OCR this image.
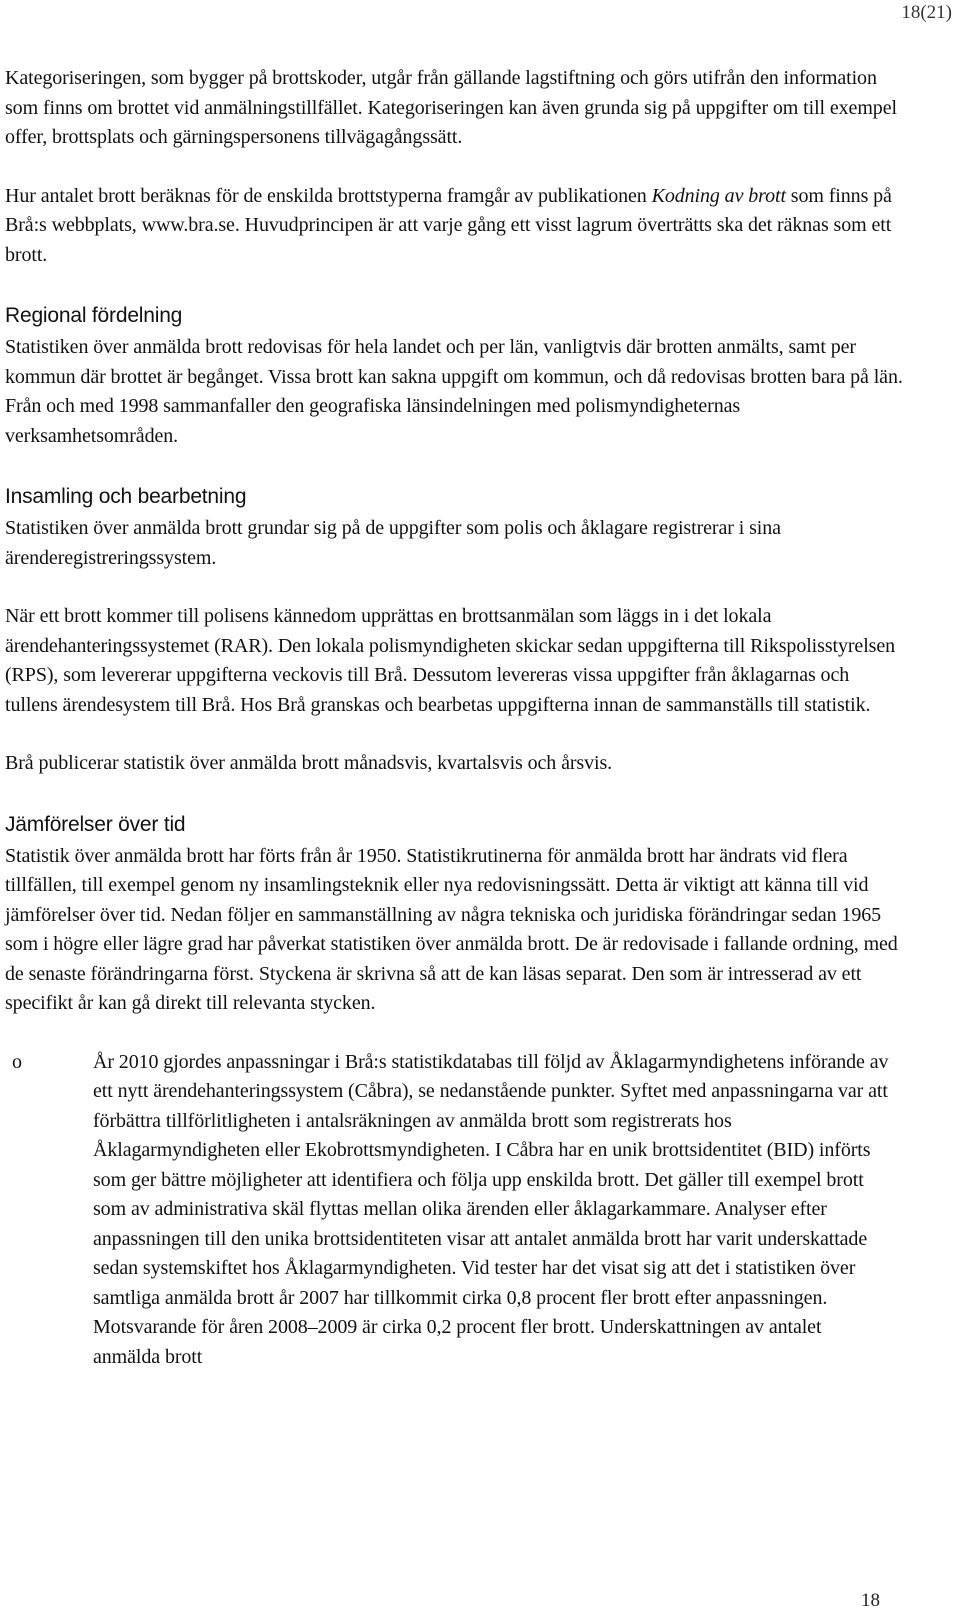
18(21)

Kategoriseringen, som bygger på brottskoder, utgår från gällande lagstiftning och görs utifrån den information som finns om brottet vid anmälningstillfället. Kategoriseringen kan även grunda sig på uppgifter om till exempel offer, brottsplats och gärningspersonens tillvägagångssätt.

Hur antalet brott beräknas för de enskilda brottstyperna framgår av publikationen Kodning av brott som finns på Brå:s webbplats, www.bra.se. Huvudprincipen är att varje gång ett visst lagrum överträtts ska det räknas som ett brott.

Regional fördelning

Statistiken över anmälda brott redovisas för hela landet och per län, vanligtvis där brotten anmälts, samt per kommun där brottet är begånget. Vissa brott kan sakna uppgift om kommun, och då redovisas brotten bara på län. Från och med 1998 sammanfaller den geografiska länsindelningen med polismyndigheternas verksamhetsområden.

Insamling och bearbetning

Statistiken över anmälda brott grundar sig på de uppgifter som polis och åklagare registrerar i sina ärenderegistreringssystem.

När ett brott kommer till polisens kännedom upprättas en brottsanmälan som läggs in i det lokala ärendehanteringssystemet (RAR). Den lokala polismyndigheten skickar sedan uppgifterna till Rikspolisstyrelsen (RPS), som levererar uppgifterna veckovis till Brå. Dessutom levereras vissa uppgifter från åklagarnas och tullens ärendesystem till Brå. Hos Brå granskas och bearbetas uppgifterna innan de sammanställs till statistik.

Brå publicerar statistik över anmälda brott månadsvis, kvartalsvis och årsvis.

Jämförelser över tid

Statistik över anmälda brott har förts från år 1950. Statistikrutinerna för anmälda brott har ändrats vid flera tillfällen, till exempel genom ny insamlingsteknik eller nya redovisningssätt. Detta är viktigt att känna till vid jämförelser över tid. Nedan följer en sammanställning av några tekniska och juridiska förändringar sedan 1965 som i högre eller lägre grad har påverkat statistiken över anmälda brott. De är redovisade i fallande ordning, med de senaste förändringarna först. Styckena är skrivna så att de kan läsas separat. Den som är intresserad av ett specifikt år kan gå direkt till relevanta stycken.

o	År 2010 gjordes anpassningar i Brå:s statistikdatabas till följd av Åklagarmyndighetens införande av ett nytt ärendehanteringssystem (Cåbra), se nedanstående punkter. Syftet med anpassningarna var att förbättra tillförlitligheten i antalsräkningen av anmälda brott som registrerats hos Åklagarmyndigheten eller Ekobrottsmyndigheten. I Cåbra har en unik brottsidentitet (BID) införts som ger bättre möjligheter att identifiera och följa upp enskilda brott. Det gäller till exempel brott som av administrativa skäl flyttas mellan olika ärenden eller åklagarkammare. Analyser efter anpassningen till den unika brottsidentiteten visar att antalet anmälda brott har varit underskattade sedan systemskiftet hos Åklagarmyndigheten. Vid tester har det visat sig att det i statistiken över samtliga anmälda brott år 2007 har tillkommit cirka 0,8 procent fler brott efter anpassningen. Motsvarande för åren 2008–2009 är cirka 0,2 procent fler brott. Underskattningen av antalet anmälda brott

18
